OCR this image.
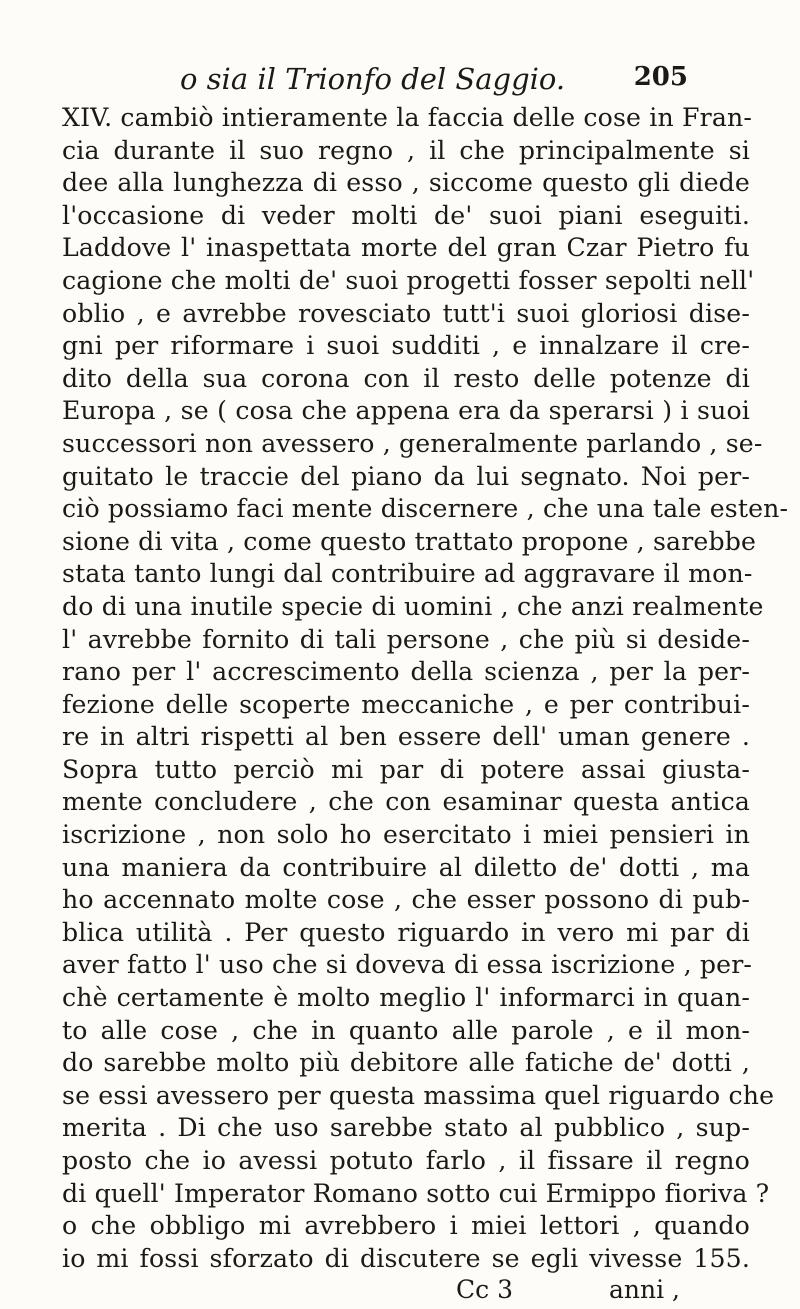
o sia il Trionfo del Saggio.	205
XIV. cambiò intieramente la faccia delle cose in Fran-
cia durante il suo regno , il che principalmente si
dee alla lunghezza di esso , siccome questo gli diede
l'occasione di veder molti de' suoi piani eseguiti.
Laddove l' inaspettata morte del gran Czar Pietro fu
cagione che molti de' suoi progetti fosser sepolti nell'
oblio , e avrebbe rovesciato tutt'i suoi gloriosi dise-
gni per riformare i suoi sudditi , e innalzare il cre-
dito della sua corona con il resto delle potenze di
Europa , se ( cosa che appena era da sperarsi ) i suoi
successori non avessero , generalmente parlando , se-
guitato le traccie del piano da lui segnato. Noi per-
ciò possiamo faci mente discernere , che una tale esten-
sione di vita , come questo trattato propone , sarebbe
stata tanto lungi dal contribuire ad aggravare il mon-
do di una inutile specie di uomini , che anzi realmente
l' avrebbe fornito di tali persone , che più si deside-
rano per l' accrescimento della scienza , per la per-
fezione delle scoperte meccaniche , e per contribui-
re in altri rispetti al ben essere dell' uman genere .
Sopra tutto perciò mi par di potere assai giusta-
mente concludere , che con esaminar questa antica
iscrizione , non solo ho esercitato i miei pensieri in
una maniera da contribuire al diletto de' dotti , ma
ho accennato molte cose , che esser possono di pub-
blica utilità . Per questo riguardo in vero mi par di
aver fatto l' uso che si doveva di essa iscrizione , per-
chè certamente è molto meglio l' informarci in quan-
to alle cose , che in quanto alle parole , e il mon-
do sarebbe molto più debitore alle fatiche de' dotti ,
se essi avessero per questa massima quel riguardo che
merita . Di che uso sarebbe stato al pubblico , sup-
posto che io avessi potuto farlo , il fissare il regno
di quell' Imperator Romano sotto cui Ermippo fioriva ?
o che obbligo mi avrebbero i miei lettori , quando
io mi fossi sforzato di discutere se egli vivesse 155.
Cc 3	anni ,
